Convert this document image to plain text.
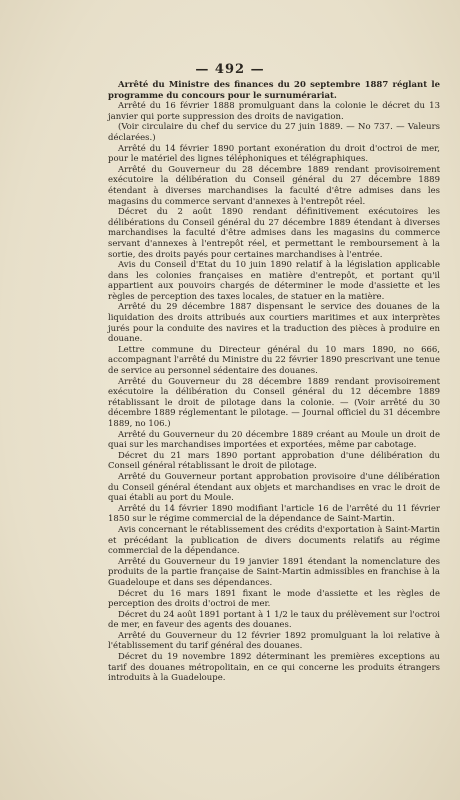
— 492 —

Arrêté du Ministre des finances du 20 septembre 1887 réglant le programme du concours pour le surnumérariat.

Arrêté du 16 février 1888 promulguant dans la colonie le décret du 13 janvier qui porte suppression des droits de navigation.

(Voir circulaire du chef du service du 27 juin 1889. — No 737. — Valeurs déclarées.)

Arrêté du 14 février 1890 portant exonération du droit d'octroi de mer, pour le matériel des lignes téléphoniques et télégraphiques.

Arrêté du Gouverneur du 28 décembre 1889 rendant provisoirement exécutoire la délibération du Conseil général du 27 décembre 1889 étendant à diverses marchandises la faculté d'être admises dans les magasins du commerce servant d'annexes à l'entrepôt réel.

Décret du 2 août 1890 rendant définitivement exécutoires les délibérations du Conseil général du 27 décembre 1889 étendant à diverses marchandises la faculté d'être admises dans les magasins du commerce servant d'annexes à l'entrepôt réel, et permettant le remboursement à la sortie, des droits payés pour certaines marchandises à l'entrée.

Avis du Conseil d'Etat du 10 juin 1890 relatif à la législation applicable dans les colonies françaises en matière d'entrepôt, et portant qu'il appartient aux pouvoirs chargés de déterminer le mode d'assiette et les règles de perception des taxes locales, de statuer en la matière.

Arrêté du 29 décembre 1887 dispensant le service des douanes de la liquidation des droits attribués aux courtiers maritimes et aux interprètes jurés pour la conduite des navires et la traduction des pièces à produire en douane.

Lettre commune du Directeur général du 10 mars 1890, no 666, accompagnant l'arrêté du Ministre du 22 février 1890 prescrivant une tenue de service au personnel sédentaire des douanes.

Arrêté du Gouverneur du 28 décembre 1889 rendant provisoirement exécutoire la délibération du Conseil général du 12 décembre 1889 rétablissant le droit de pilotage dans la colonie. — (Voir arrêté du 30 décembre 1889 réglementant le pilotage. — Journal officiel du 31 décembre 1889, no 106.)

Arrêté du Gouverneur du 20 décembre 1889 créant au Moule un droit de quai sur les marchandises importées et exportées, même par cabotage.

Décret du 21 mars 1890 portant approbation d'une délibération du Conseil général rétablissant le droit de pilotage.

Arrêté du Gouverneur portant approbation provisoire d'une délibération du Conseil général étendant aux objets et marchandises en vrac le droit de quai établi au port du Moule.

Arrêté du 14 février 1890 modifiant l'article 16 de l'arrêté du 11 février 1850 sur le régime commercial de la dépendance de Saint-Martin.

Avis concernant le rétablissement des crédits d'exportation à Saint-Martin et précédant la publication de divers documents relatifs au régime commercial de la dépendance.

Arrêté du Gouverneur du 19 janvier 1891 étendant la nomenclature des produits de la partie française de Saint-Martin admissibles en franchise à la Guadeloupe et dans ses dépendances.

Décret du 16 mars 1891 fixant le mode d'assiette et les règles de perception des droits d'octroi de mer.

Décret du 24 août 1891 portant à 1 1/2 le taux du prélèvement sur l'octroi de mer, en faveur des agents des douanes.

Arrêté du Gouverneur du 12 février 1892 promulguant la loi relative à l'établissement du tarif général des douanes.

Décret du 19 novembre 1892 déterminant les premières exceptions au tarif des douanes métropolitain, en ce qui concerne les produits étrangers introduits à la Guadeloupe.
